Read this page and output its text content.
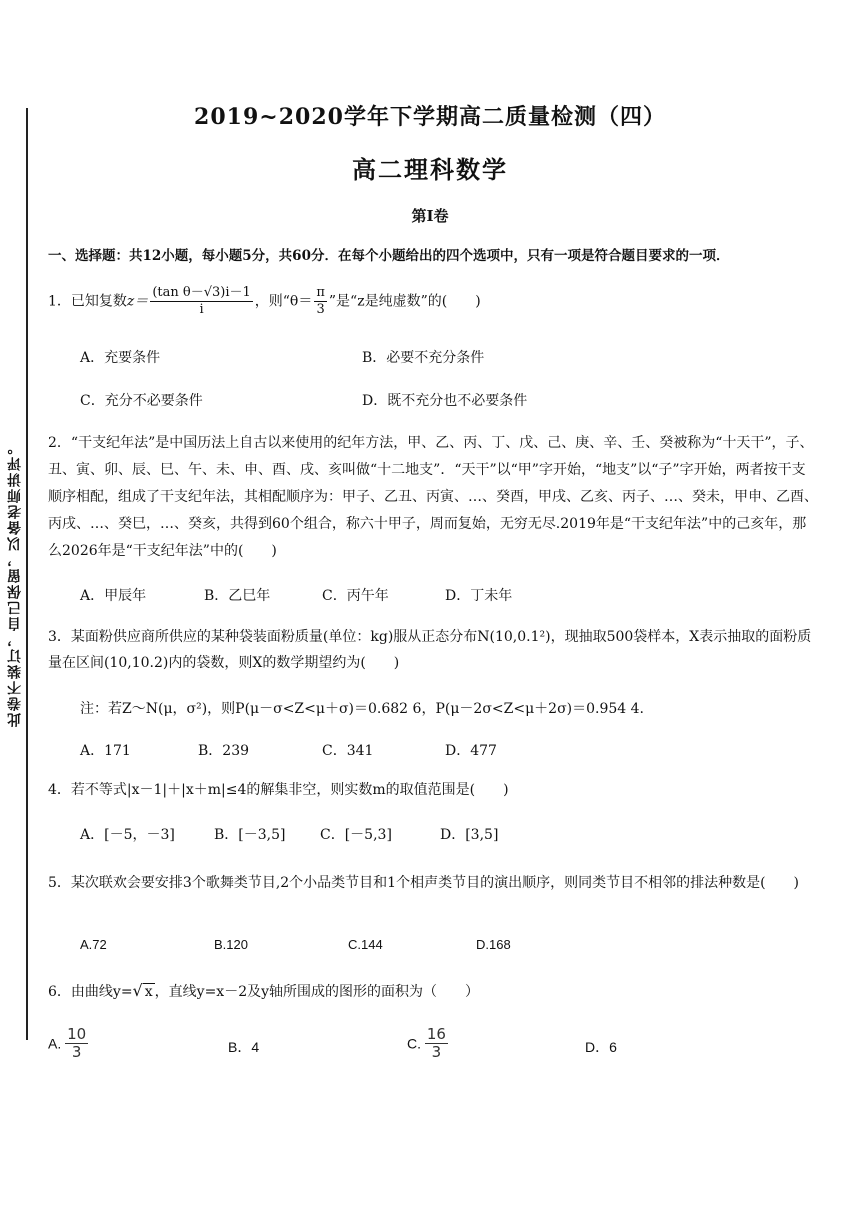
此卷不装订，自己保留，以备老师讲评。
2019~2020学年下学期高二质量检测（四）
高二理科数学
第Ⅰ卷
一、选择题：共12小题，每小题5分，共60分．在每个小题给出的四个选项中，只有一项是符合题目要求的一项．
1．已知复数$z= \frac{\text{(tan θ－√3)i－1}}{i}$ ，则“$\theta= \frac{\pi}{3}$ ”是“z是纯虚数”的(　　)
A．充要条件	B．必要不充分条件
C．充分不必要条件	D．既不充分也不必要条件
2．“干支纪年法”是中国历法上自古以来使用的纪年方法，甲、乙、丙、丁、戊、己、庚、辛、壬、癸被称为“十天干”，子、丑、寅、卯、辰、巳、午、未、申、酉、戌、亥叫做“十二地支”．“天干”以“甲”字开始，“地支”以“子”字开始，两者按干支顺序相配，组成了干支纪年法，其相配顺序为：甲子、乙丑、丙寅、…、癸酉，甲戌、乙亥、丙子、…、癸未，甲申、乙酉、丙戌、…、癸巳，…、癸亥，共得到60个组合，称六十甲子，周而复始，无穷无尽.2019年是“干支纪年法”中的己亥年，那么2026年是“干支纪年法”中的(　　)
A．甲辰年	B．乙巳年	C．丙午年	D．丁未年
3．某面粉供应商所供应的某种袋装面粉质量(单位：kg)服从正态分布N(10,0.1²)，现抽取500袋样本，X表示抽取的面粉质量在区间(10,10.2)内的袋数，则X的数学期望约为(　　)
注：若Z～N(μ，σ²)，则P(μ－σ<Z<μ＋σ)＝0.682 6，P(μ－2σ<Z<μ＋2σ)＝0.954 4.
A．171	B．239	C．341	D．477
4．若不等式|x－1|＋|x＋m|≤4的解集非空，则实数m的取值范围是(　　)
A．[－5，－3]	B．[－3,5] C．[－5,3]	D．[3,5]
5．某次联欢会要安排3个歌舞类节目,2个小品类节目和1个相声类节目的演出顺序，则同类节目不相邻的排法种数是(　　)
A.72	B.120	C.144	D.168
6．由曲线y=√ x ，直线y=x－2及y轴所围成的图形的面积为（　　）
A. $\frac{10}{3}$	B．4	C. $\frac{16}{3}$	D．6
